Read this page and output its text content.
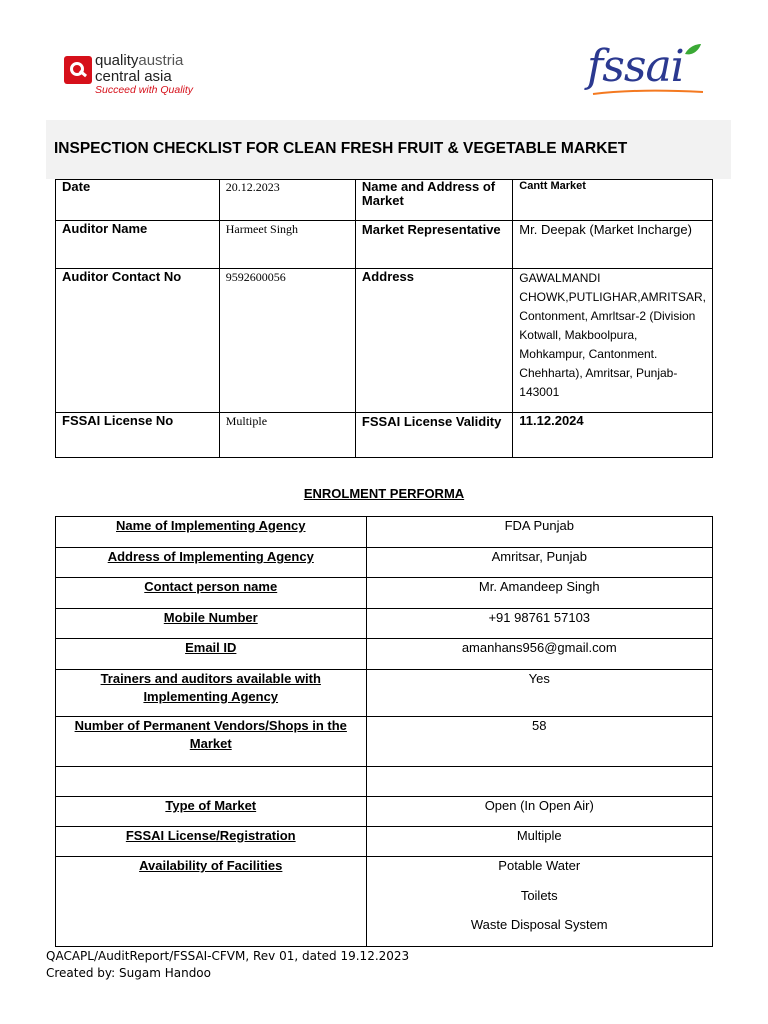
qualityaustria
central asia
Succeed with Quality	fssai
INSPECTION CHECKLIST FOR CLEAN FRESH FRUIT & VEGETABLE MARKET
Date	20.12.2023	Name and Address of Market	Cantt Market
Auditor Name	Harmeet Singh	Market Representative	Mr. Deepak (Market Incharge)
Auditor Contact No	9592600056	Address	GAWALMANDI CHOWK,PUTLIGHAR,AMRITSAR, Contonment, Amrltsar-2 (Division Kotwall, Makboolpura, Mohkampur, Cantonment. Chehharta), Amritsar, Punjab-143001
FSSAI License No	Multiple	FSSAI License Validity	11.12.2024
ENROLMENT PERFORMA
Name of Implementing Agency	FDA Punjab
Address of Implementing Agency	Amritsar, Punjab
Contact person name	Mr. Amandeep Singh
Mobile Number	+91 98761 57103
Email ID	amanhans956@gmail.com
Trainers and auditors available with Implementing Agency	Yes
Number of Permanent Vendors/Shops in the Market	58

Type of Market	Open (In Open Air)
FSSAI License/Registration	Multiple
Availability of Facilities	Potable Water
Toilets
Waste Disposal System
QACAPL/AuditReport/FSSAI-CFVM, Rev 01, dated 19.12.2023
Created by: Sugam Handoo
